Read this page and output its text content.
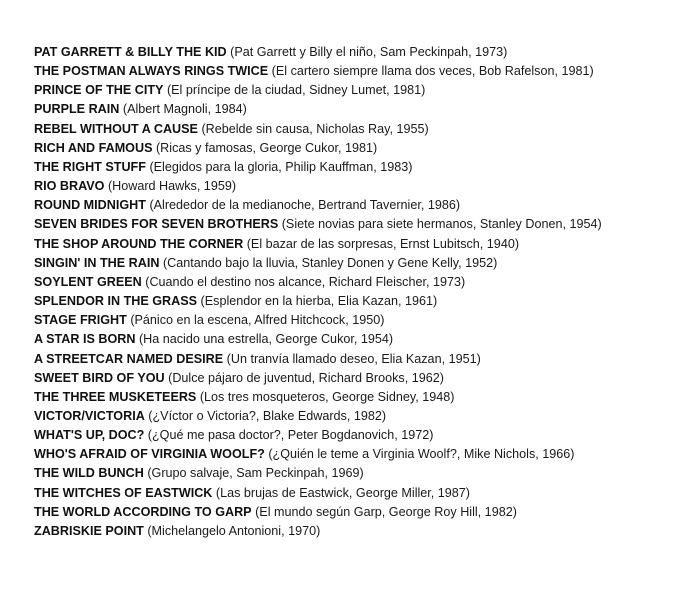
PAT GARRETT & BILLY THE KID (Pat Garrett y Billy el niño, Sam Peckinpah, 1973)
THE POSTMAN ALWAYS RINGS TWICE (El cartero siempre llama dos veces, Bob Rafelson, 1981)
PRINCE OF THE CITY (El príncipe de la ciudad, Sidney Lumet, 1981)
PURPLE RAIN (Albert Magnoli, 1984)
REBEL WITHOUT A CAUSE (Rebelde sin causa, Nicholas Ray, 1955)
RICH AND FAMOUS (Ricas y famosas, George Cukor, 1981)
THE RIGHT STUFF (Elegidos para la gloria, Philip Kauffman, 1983)
RIO BRAVO (Howard Hawks, 1959)
ROUND MIDNIGHT (Alrededor de la medianoche, Bertrand Tavernier, 1986)
SEVEN BRIDES FOR SEVEN BROTHERS (Siete novias para siete hermanos, Stanley Donen, 1954)
THE SHOP AROUND THE CORNER (El bazar de las sorpresas, Ernst Lubitsch, 1940)
SINGIN' IN THE RAIN (Cantando bajo la lluvia, Stanley Donen y Gene Kelly, 1952)
SOYLENT GREEN (Cuando el destino nos alcance, Richard Fleischer, 1973)
SPLENDOR IN THE GRASS (Esplendor en la hierba, Elia Kazan, 1961)
STAGE FRIGHT (Pánico en la escena, Alfred Hitchcock, 1950)
A STAR IS BORN (Ha nacido una estrella, George Cukor, 1954)
A STREETCAR NAMED DESIRE (Un tranvía llamado deseo, Elia Kazan, 1951)
SWEET BIRD OF YOU (Dulce pájaro de juventud, Richard Brooks, 1962)
THE THREE MUSKETEERS (Los tres mosqueteros, George Sidney, 1948)
VICTOR/VICTORIA (¿Víctor o Victoria?, Blake Edwards, 1982)
WHAT'S UP, DOC? (¿Qué me pasa doctor?, Peter Bogdanovich, 1972)
WHO'S AFRAID OF VIRGINIA WOOLF? (¿Quién le teme a Virginia Woolf?, Mike Nichols, 1966)
THE WILD BUNCH (Grupo salvaje, Sam Peckinpah, 1969)
THE WITCHES OF EASTWICK (Las brujas de Eastwick, George Miller, 1987)
THE WORLD ACCORDING TO GARP (El mundo según Garp, George Roy Hill, 1982)
ZABRISKIE POINT (Michelangelo Antonioni, 1970)
